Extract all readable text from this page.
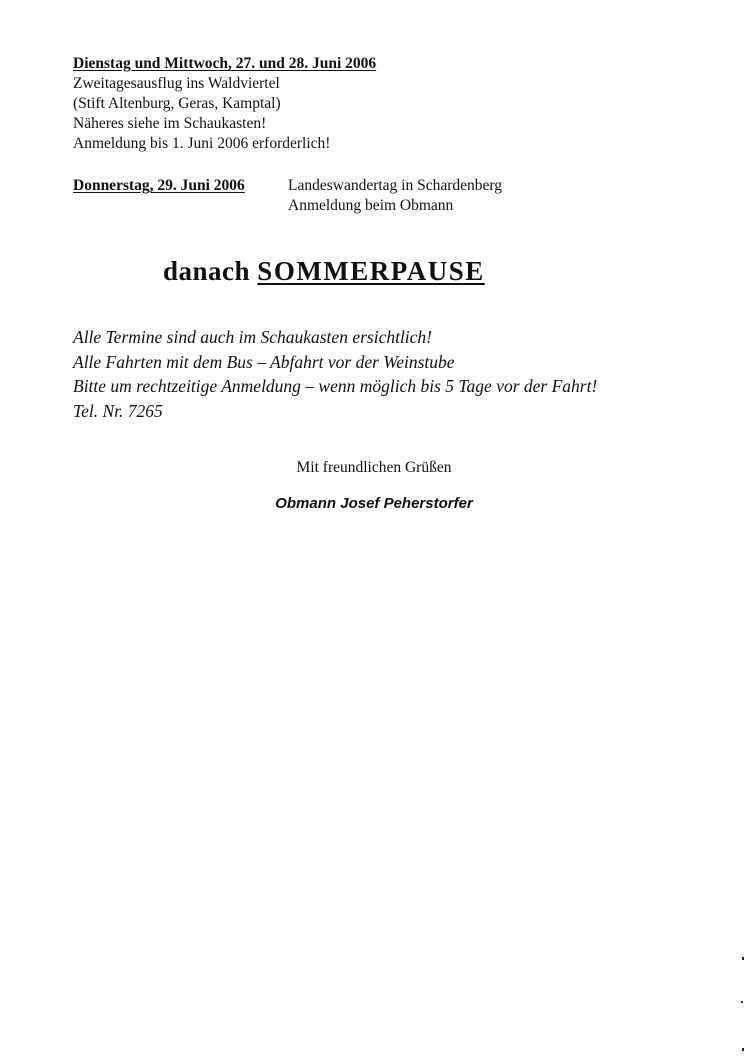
Dienstag und Mittwoch, 27. und 28. Juni 2006
Zweitagesausflug ins Waldviertel
(Stift Altenburg, Geras, Kamptal)
Näheres siehe im Schaukasten!
Anmeldung bis 1. Juni 2006 erforderlich!
Donnerstag, 29. Juni 2006	Landeswandertag in Schardenberg
Anmeldung beim Obmann
danach SOMMERPAUSE
Alle Termine sind auch im Schaukasten ersichtlich!
Alle Fahrten mit dem Bus – Abfahrt vor der Weinstube
Bitte um rechtzeitige Anmeldung – wenn möglich bis 5 Tage vor der Fahrt!
Tel. Nr. 7265
Mit freundlichen Grüßen
Obmann Josef Peherstorfer
